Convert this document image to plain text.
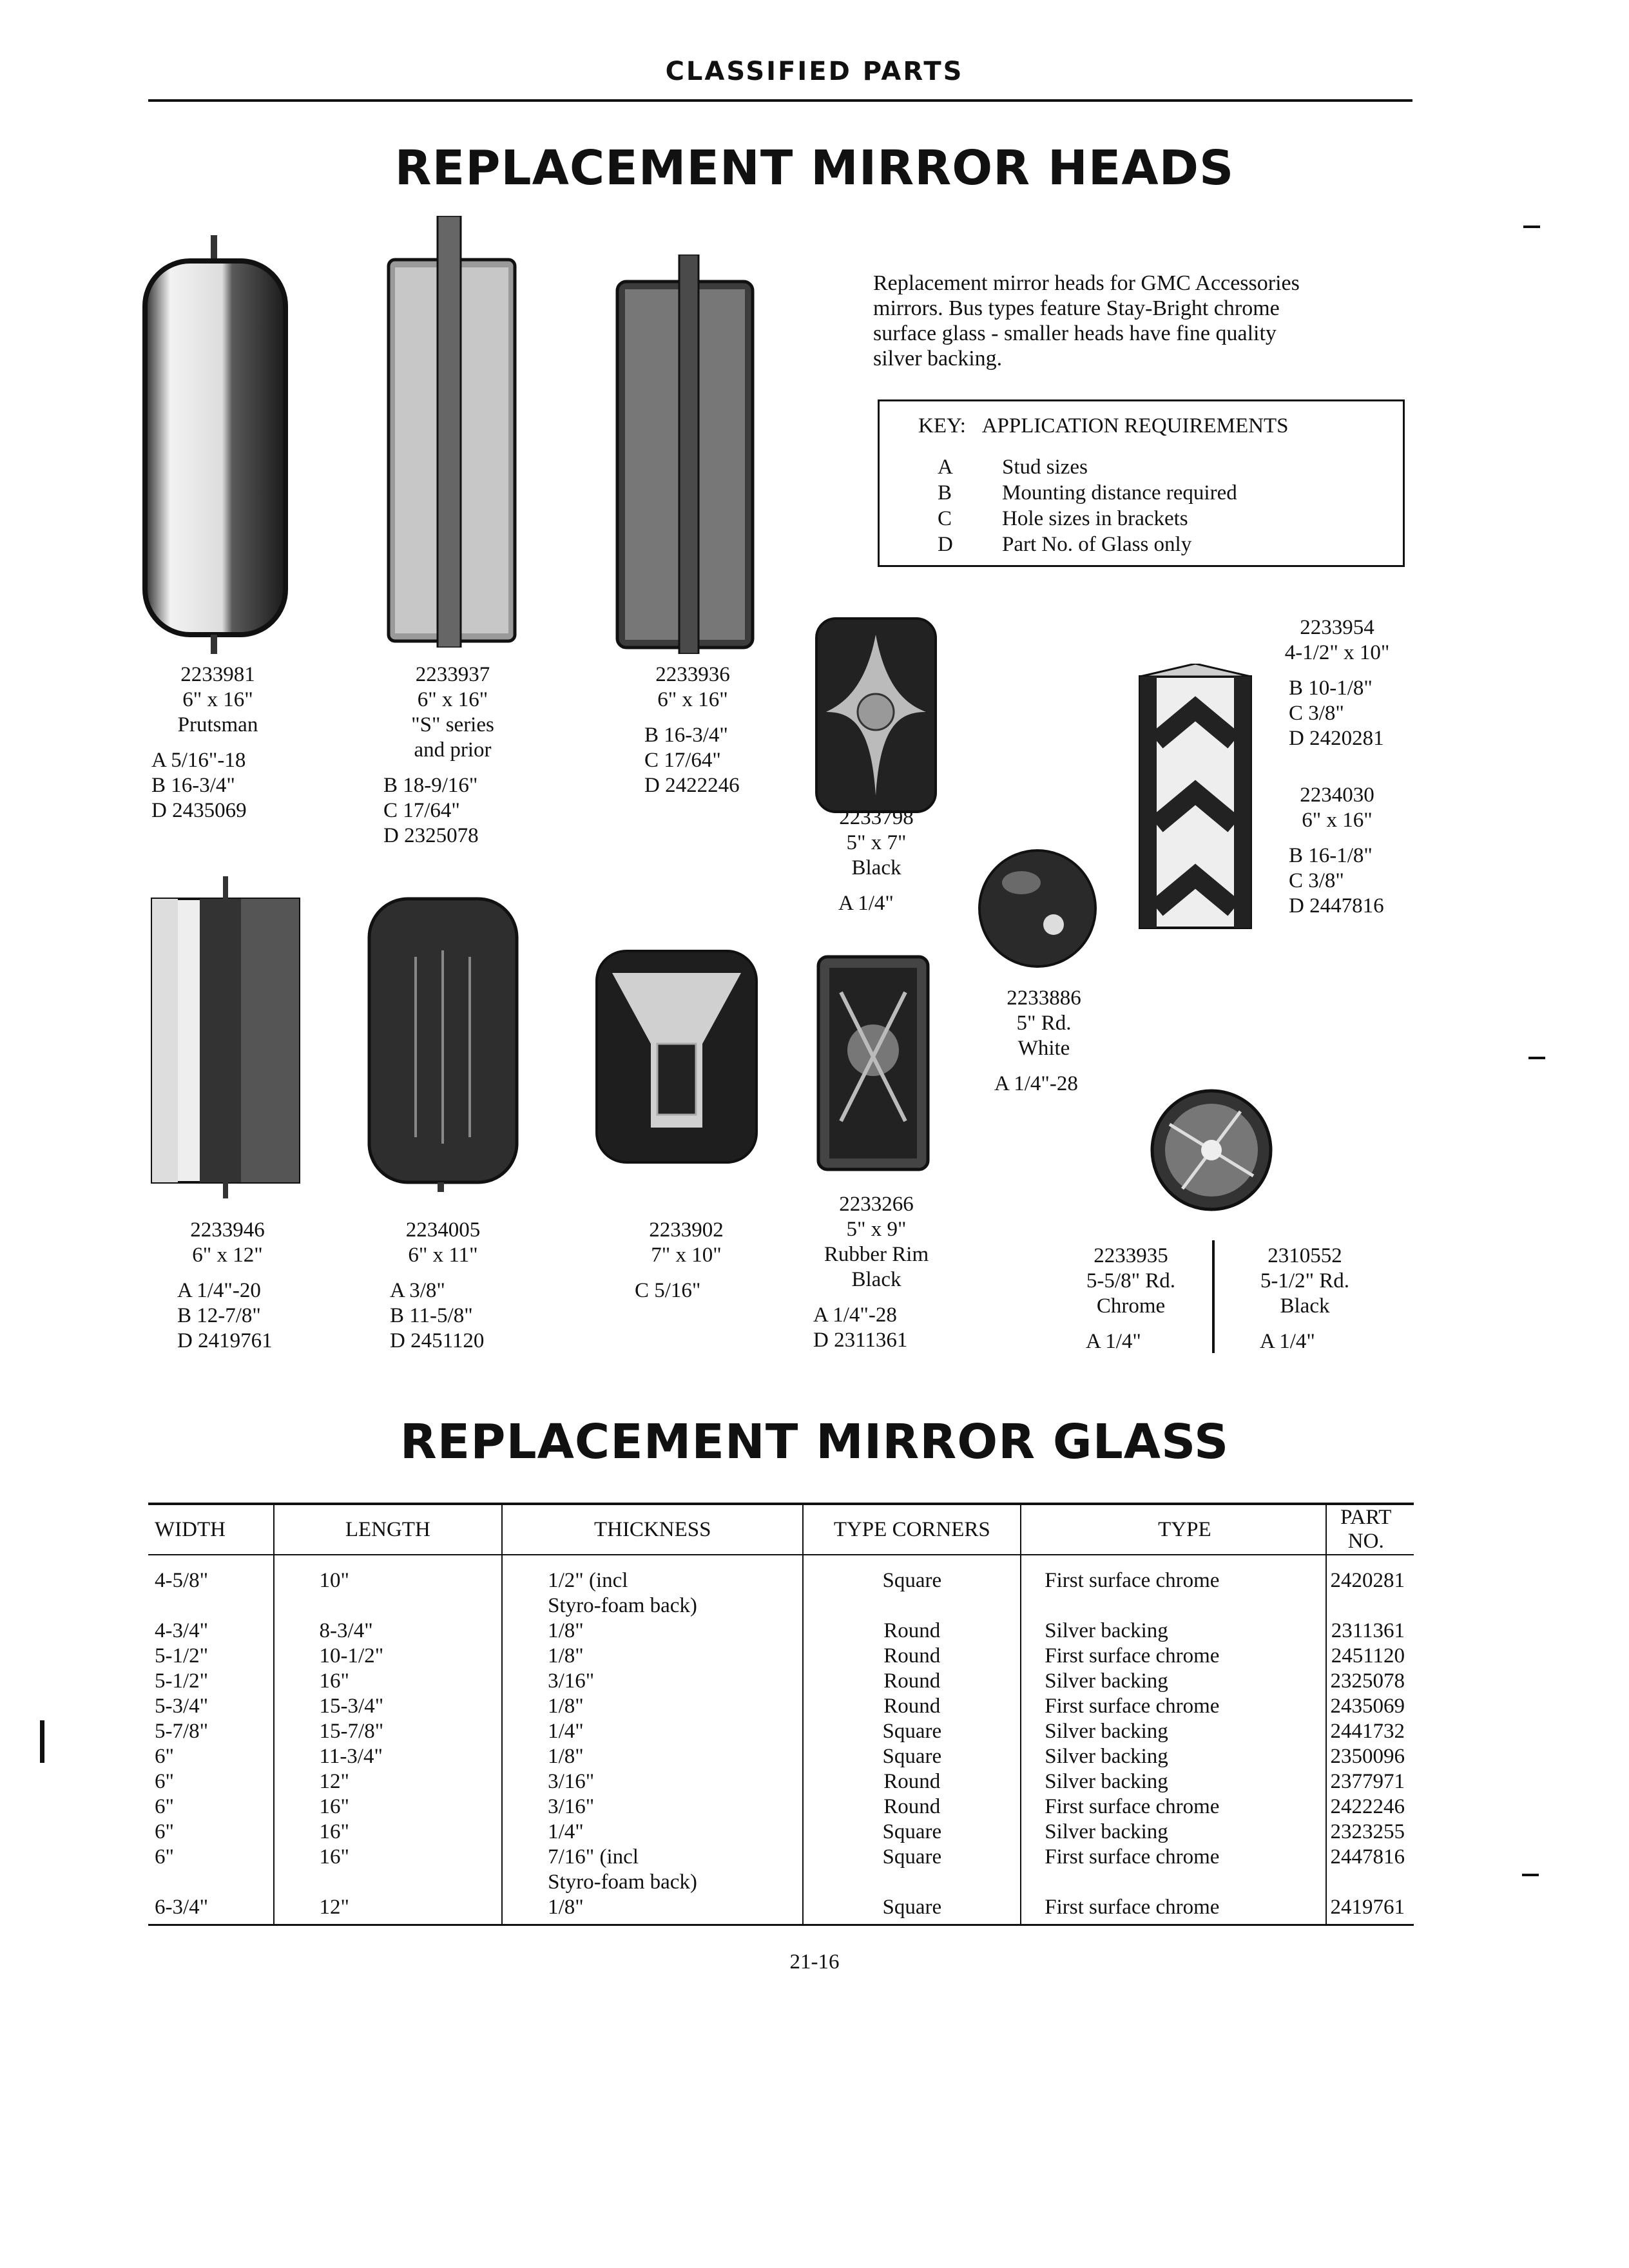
CLASSIFIED PARTS
REPLACEMENT MIRROR HEADS
Replacement mirror heads for GMC Accessories
mirrors. Bus types feature Stay-Bright chrome
surface glass - smaller heads have fine quality
silver backing.
KEY: APPLICATION REQUIREMENTS
A	Stud sizes
B	Mounting distance required
C	Hole sizes in brackets
D	Part No. of Glass only
2233981
6" x 16"
Prutsman
A 5/16"-18
B 16-3/4"
D 2435069
2233937
6" x 16"
"S" series
and prior
B 18-9/16"
C 17/64"
D 2325078
2233936
6" x 16"
B 16-3/4"
C 17/64"
D 2422246
2233798
5" x 7"
Black
A 1/4"
2233954
4-1/2" x 10"
B 10-1/8"
C 3/8"
D 2420281
2234030
6" x 16"
B 16-1/8"
C 3/8"
D 2447816
2233886
5" Rd.
White
A 1/4"-28
2233946
6" x 12"
A 1/4"-20
B 12-7/8"
D 2419761
2234005
6" x 11"
A 3/8"
B 11-5/8"
D 2451120
2233902
7" x 10"
C 5/16"
2233266
5" x 9"
Rubber Rim
Black
A 1/4"-28
D 2311361
2233935
5-5/8" Rd.
Chrome
A 1/4"
2310552
5-1/2" Rd.
Black
A 1/4"
REPLACEMENT MIRROR GLASS
WIDTH	LENGTH	THICKNESS	TYPE CORNERS	TYPE	PART NO.
4-5/8"	10"	1/2" (incl
Styro-foam back)	Square	First surface chrome	2420281
4-3/4"	8-3/4"	1/8"	Round	Silver backing	2311361
5-1/2"	10-1/2"	1/8"	Round	First surface chrome	2451120
5-1/2"	16"	3/16"	Round	Silver backing	2325078
5-3/4"	15-3/4"	1/8"	Round	First surface chrome	2435069
5-7/8"	15-7/8"	1/4"	Square	Silver backing	2441732
6"	11-3/4"	1/8"	Square	Silver backing	2350096
6"	12"	3/16"	Round	Silver backing	2377971
6"	16"	3/16"	Round	First surface chrome	2422246
6"	16"	1/4"	Square	Silver backing	2323255
6"	16"	7/16" (incl
Styro-foam back)	Square	First surface chrome	2447816
6-3/4"	12"	1/8"	Square	First surface chrome	2419761
21-16
